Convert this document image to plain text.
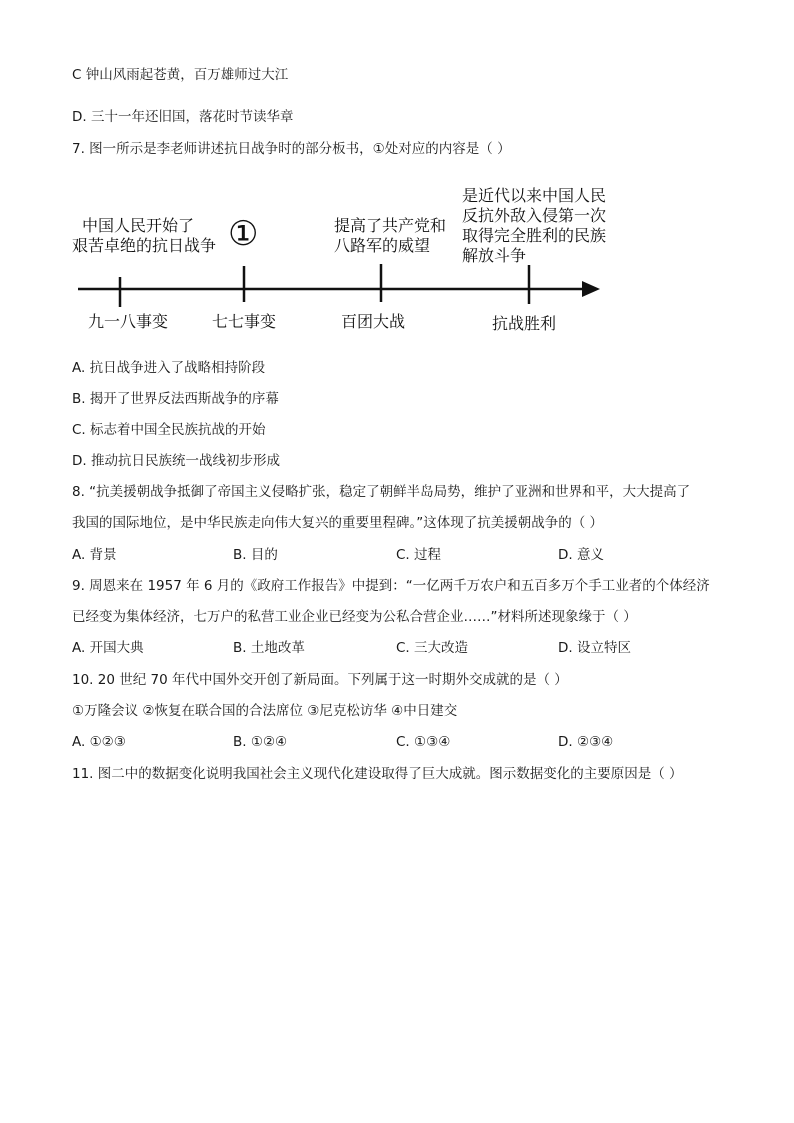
C 钟山风雨起苍黄，百万雄师过大江
D. 三十一年还旧国，落花时节读华章
7. 图一所示是李老师讲述抗日战争时的部分板书，①处对应的内容是（ ）
中国人民开始了
艰苦卓绝的抗日战争 ①	提高了共产党和
八路军的威望
是近代以来中国人民
反抗外敌入侵第一次
取得完全胜利的民族
解放斗争
九一八事变	七七事变	百团大战	抗战胜利
A. 抗日战争进入了战略相持阶段
B. 揭开了世界反法西斯战争的序幕
C. 标志着中国全民族抗战的开始
D. 推动抗日民族统一战线初步形成
8. “抗美援朝战争抵御了帝国主义侵略扩张，稳定了朝鲜半岛局势，维护了亚洲和世界和平，大大提高了
我国的国际地位，是中华民族走向伟大复兴的重要里程碑。”这体现了抗美援朝战争的（ ）
A. 背景	B. 目的	C. 过程	D. 意义
9. 周恩来在 1957 年 6 月的《政府工作报告》中提到：“一亿两千万农户和五百多万个手工业者的个体经济
已经变为集体经济，七万户的私营工业企业已经变为公私合营企业……”材料所述现象缘于（ ）
A. 开国大典	B. 土地改革	C. 三大改造	D. 设立特区
10. 20 世纪 70 年代中国外交开创了新局面。下列属于这一时期外交成就的是（ ）
①万隆会议 ②恢复在联合国的合法席位 ③尼克松访华 ④中日建交
A. ①②③	B. ①②④	C. ①③④	D. ②③④
11. 图二中的数据变化说明我国社会主义现代化建设取得了巨大成就。图示数据变化的主要原因是（ ）
